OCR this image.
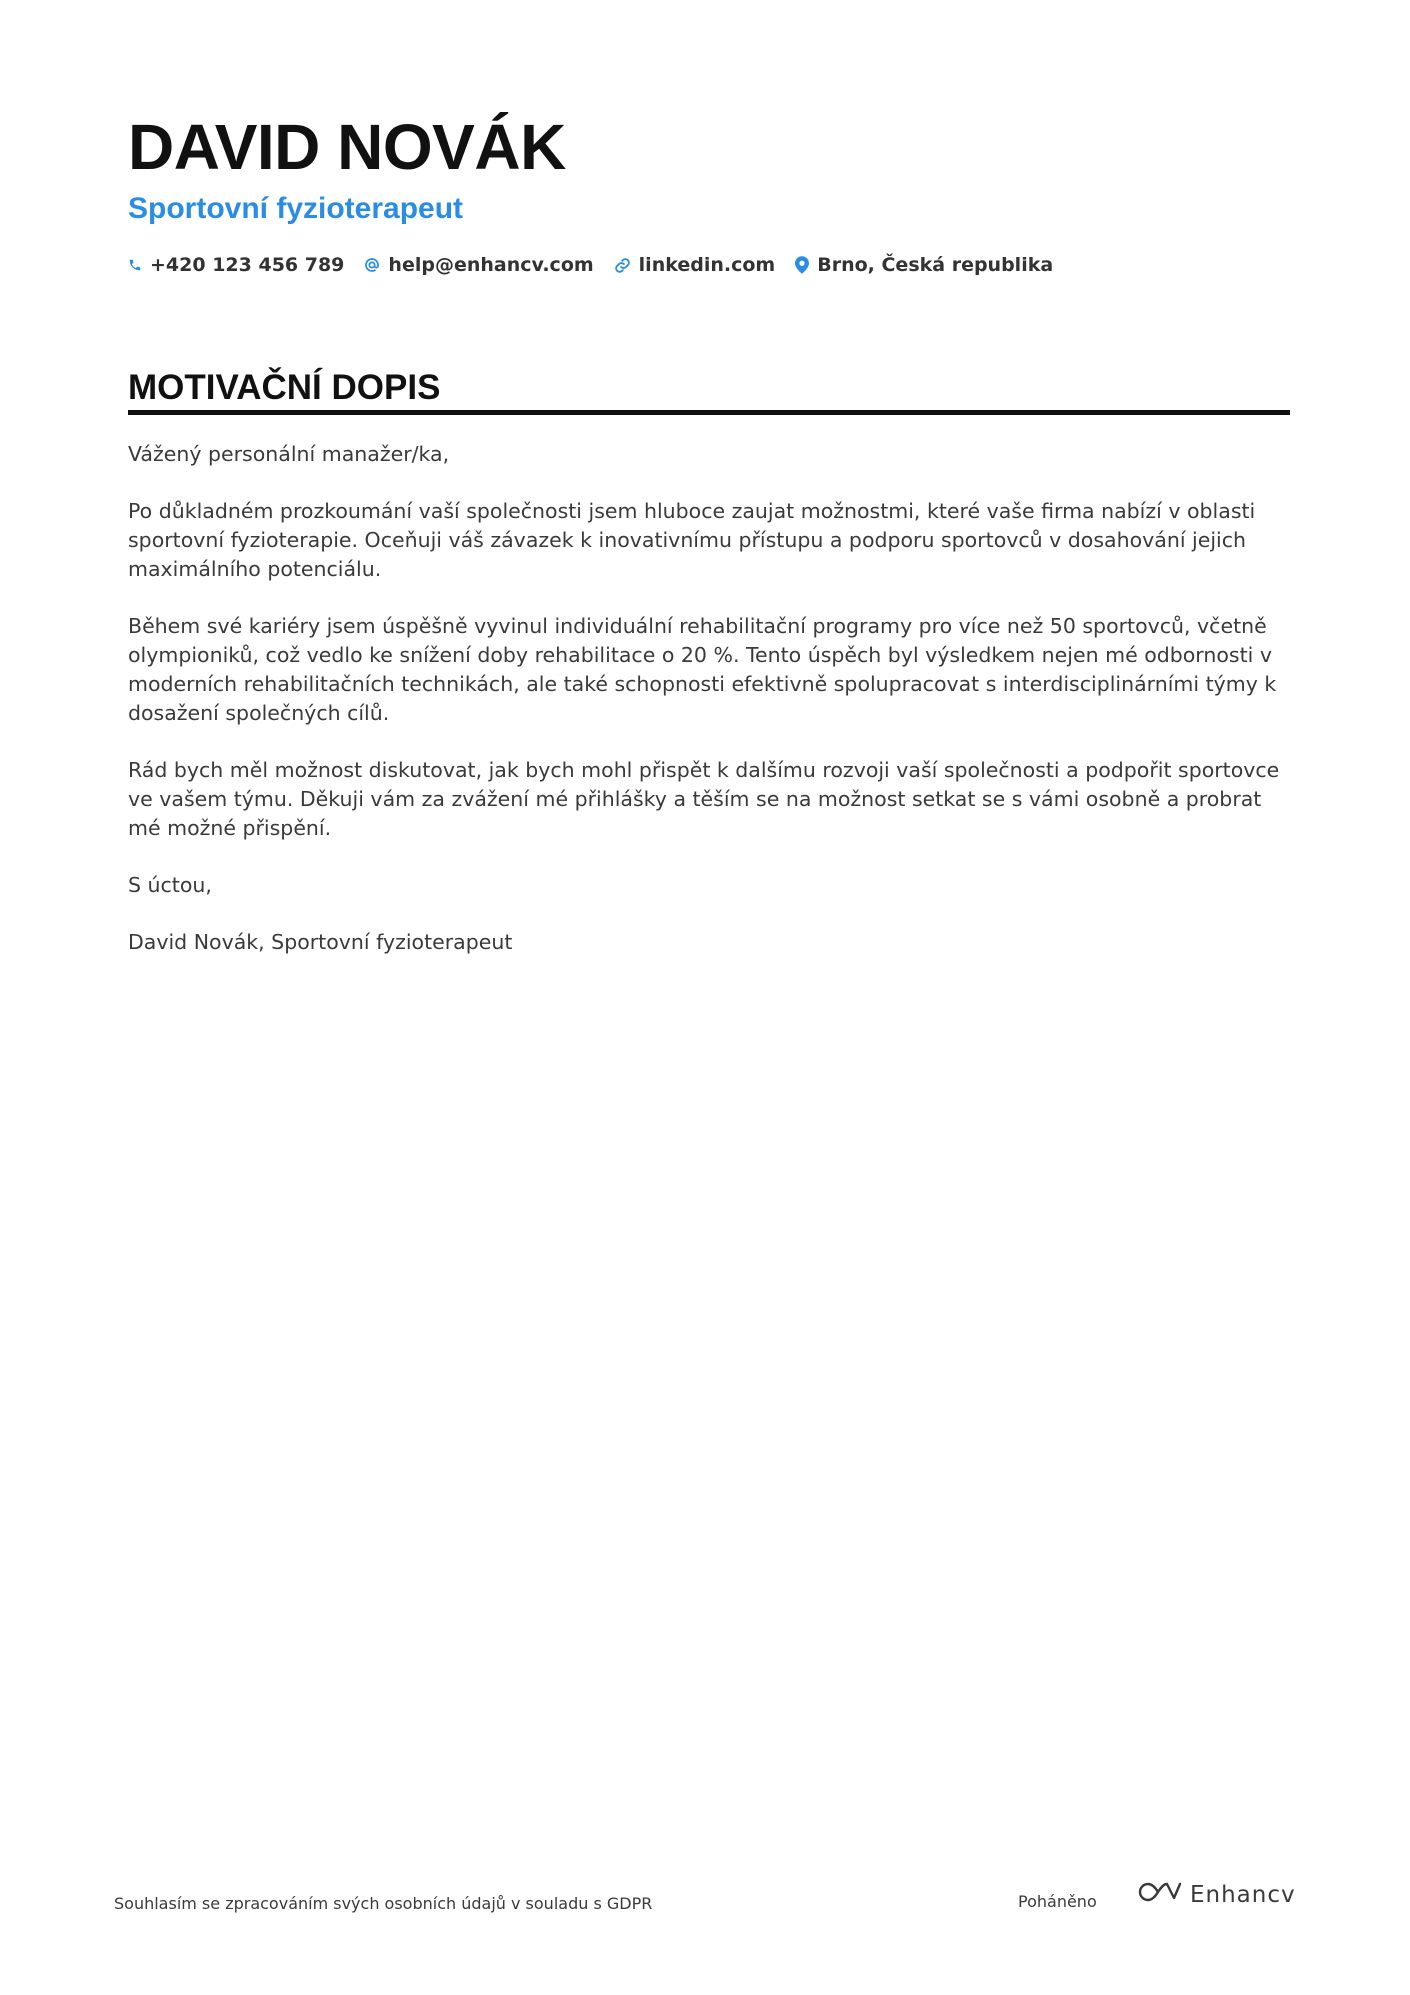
DAVID NOVÁK
Sportovní fyzioterapeut
+420 123 456 789 help@enhancv.com linkedin.com Brno, Česká republika
MOTIVAČNÍ DOPIS

Vážený personální manažer/ka,

Po důkladném prozkoumání vaší společnosti jsem hluboce zaujat možnostmi, které vaše firma nabízí v oblasti sportovní fyzioterapie. Oceňuji váš závazek k inovativnímu přístupu a podporu sportovců v dosahování jejich maximálního potenciálu.

Během své kariéry jsem úspěšně vyvinul individuální rehabilitační programy pro více než 50 sportovců, včetně olympioniků, což vedlo ke snížení doby rehabilitace o 20 %. Tento úspěch byl výsledkem nejen mé odbornosti v moderních rehabilitačních technikách, ale také schopnosti efektivně spolupracovat s interdisciplinárními týmy k dosažení společných cílů.

Rád bych měl možnost diskutovat, jak bych mohl přispět k dalšímu rozvoji vaší společnosti a podpořit sportovce ve vašem týmu. Děkuji vám za zvážení mé přihlášky a těším se na možnost setkat se s vámi osobně a probrat mé možné přispění.

S úctou,

David Novák, Sportovní fyzioterapeut

Souhlasím se zpracováním svých osobních údajů v souladu s GDPR	Poháněno	Enhancv
